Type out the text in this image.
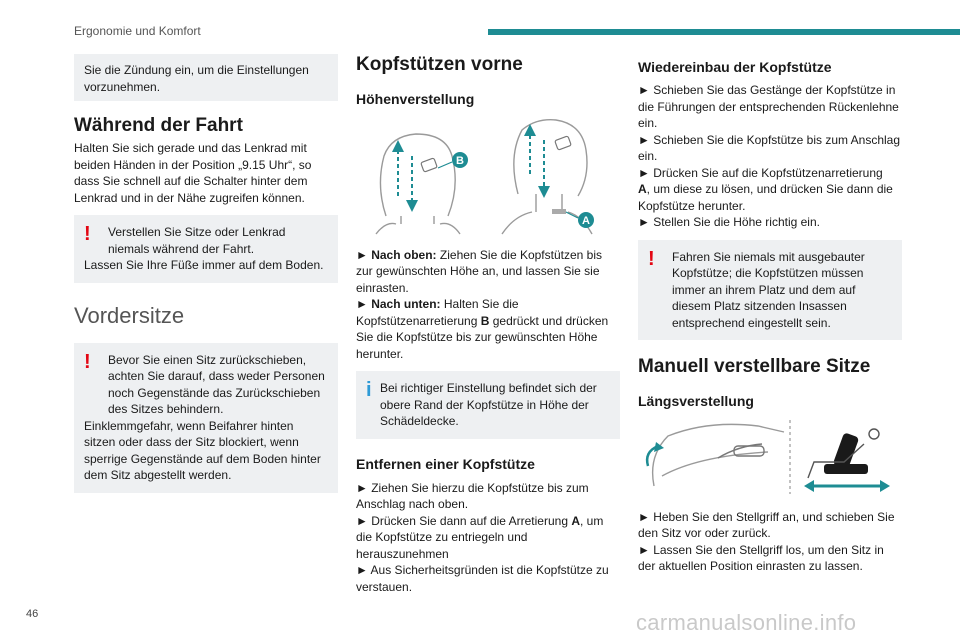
Ergonomie und Komfort

Sie die Zündung ein, um die Einstellungen vorzunehmen.

Während der Fahrt

Halten Sie sich gerade und das Lenkrad mit beiden Händen in der Position „9.15 Uhr“, so dass Sie schnell auf die Schalter hinter dem Lenkrad und in der Nähe zugreifen können.

!	Verstellen Sie Sitze oder Lenkrad niemals während der Fahrt.

Lassen Sie Ihre Füße immer auf dem Boden.

Vordersitze
!	Bevor Sie einen Sitz zurückschieben, achten Sie darauf, dass weder Personen noch Gegenstände das Zurückschieben des Sitzes behindern.

Einklemmgefahr, wenn Beifahrer hinten sitzen oder dass der Sitz blockiert, wenn sperrige Gegenstände auf dem Boden hinter dem Sitz abgestellt werden.

Kopfstützen vorne
Höhenverstellung
B
A

► Nach oben: Ziehen Sie die Kopfstützen bis zur gewünschten Höhe an, und lassen Sie sie einrasten.

► Nach unten: Halten Sie die Kopfstützenarretierung B gedrückt und drücken Sie die Kopfstütze bis zur gewünschten Höhe herunter.

i Bei richtiger Einstellung befindet sich der obere Rand der Kopfstütze in Höhe der Schädeldecke.

Entfernen einer Kopfstütze

► Ziehen Sie hierzu die Kopfstütze bis zum Anschlag nach oben.

► Drücken Sie dann auf die Arretierung A, um die Kopfstütze zu entriegeln und herauszunehmen

► Aus Sicherheitsgründen ist die Kopfstütze zu verstauen.

Wiedereinbau der Kopfstütze

► Schieben Sie das Gestänge der Kopfstütze in die Führungen der entsprechenden Rückenlehne ein.

► Schieben Sie die Kopfstütze bis zum Anschlag ein.

► Drücken Sie auf die Kopfstützenarretierung
A, um diese zu lösen, und drücken Sie dann die Kopfstütze herunter.

► Stellen Sie die Höhe richtig ein.

!	Fahren Sie niemals mit ausgebauter Kopfstütze; die Kopfstützen müssen immer an ihrem Platz und dem auf diesem Platz sitzenden Insassen entsprechend eingestellt sein.

Manuell verstellbare Sitze
Längsverstellung

► Heben Sie den Stellgriff an, und schieben Sie den Sitz vor oder zurück.

► Lassen Sie den Stellgriff los, um den Sitz in der aktuellen Position einrasten zu lassen.

46	carmanualsonline.info
